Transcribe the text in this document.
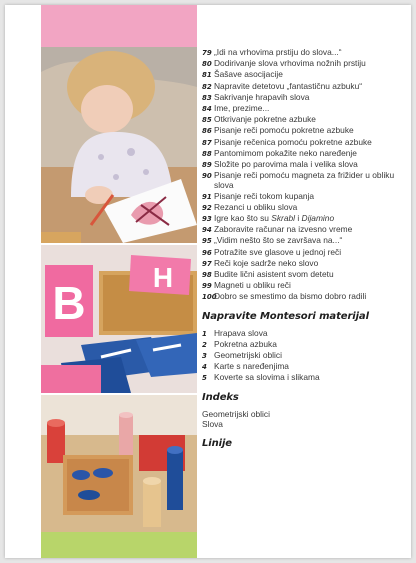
B H
79 „Idi na vrhovima prstiju do slova...“
80 Dodirivanje slova vrhovima nožnih prstiju
81 Šašave asocijacije
82 Napravite detetovu „fantastičnu azbuku“
83 Sakrivanje hrapavih slova
84 Ime, prezime...
85 Otkrivanje pokretne azbuke
86 Pisanje reči pomoću pokretne azbuke
87 Pisanje rečenica pomoću pokretne azbuke
88 Pantomimom pokažite neko naređenje
89 Složite po parovima mala i velika slova
90 Pisanje reči pomoću magneta za frižider u obliku slova
91 Pisanje reči tokom kupanja
92 Rezanci u obliku slova
93 Igre kao što su Skrabl i Dijamino
94 Zaboravite računar na izvesno vreme
95 „Vidim nešto što se završava na...“
96 Potražite sve glasove u jednoj reči
97 Reči koje sadrže neko slovo
98 Budite lični asistent svom detetu
99 Magneti u obliku reči
100
Dobro se smestimo da bismo dobro radili
Napravite Montesori materijal
1 Hrapava slova
2 Pokretna azbuka
3 Geometrijski oblici
4 Karte s naređenjima
5 Koverte sa slovima i slikama
Indeks
Geometrijski oblici
Slova
Linije
